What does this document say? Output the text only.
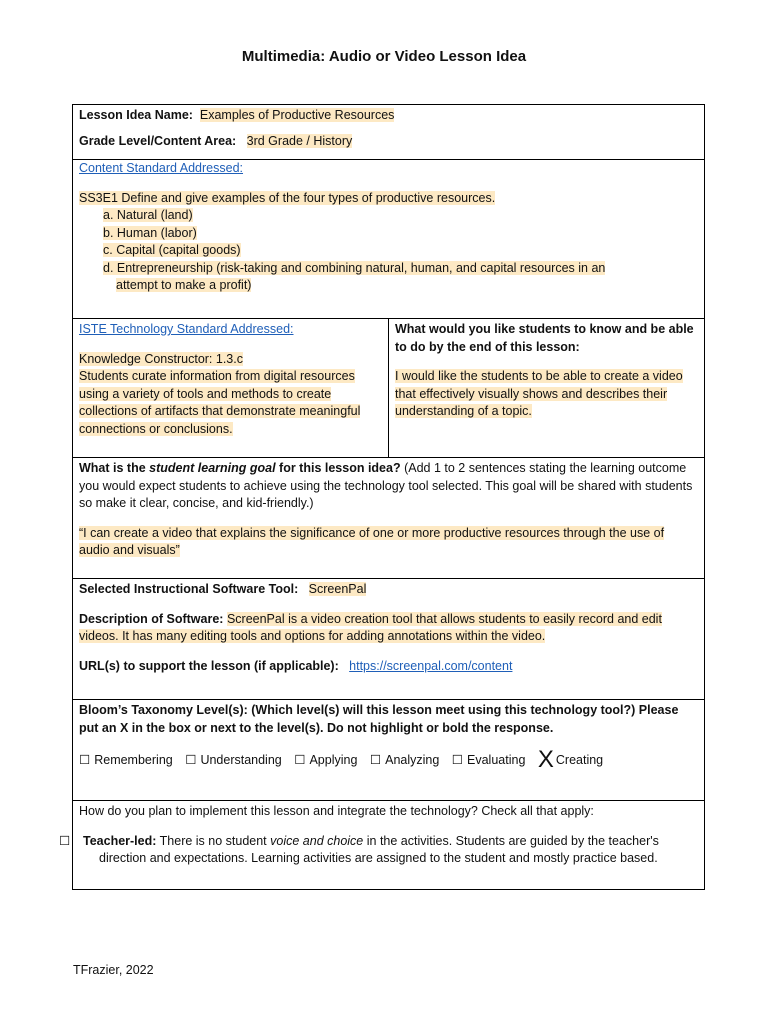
Multimedia: Audio or Video Lesson Idea

Lesson Idea Name: Examples of Productive Resources

Grade Level/Content Area: 3rd Grade / History

Content Standard Addressed:

SS3E1 Define and give examples of the four types of productive resources.

a. Natural (land)
b. Human (labor)
c. Capital (capital goods)
d. Entrepreneurship (risk-taking and combining natural, human, and capital resources in an
attempt to make a profit)

ISTE Technology Standard Addressed:

Knowledge Constructor: 1.3.c

Students curate information from digital resources using a variety of tools and methods to create collections of artifacts that demonstrate meaningful connections or conclusions.

What would you like students to know and be able to do by the end of this lesson:

I would like the students to be able to create a video that effectively visually shows and describes their understanding of a topic.

What is the student learning goal for this lesson idea? (Add 1 to 2 sentences stating the learning outcome you would expect students to achieve using the technology tool selected. This goal will be shared with students so make it clear, concise, and kid-friendly.)

“I can create a video that explains the significance of one or more productive resources through the use of audio and visuals”

Selected Instructional Software Tool: ScreenPal

Description of Software: ScreenPal is a video creation tool that allows students to easily record and edit videos. It has many editing tools and options for adding annotations within the video.

URL(s) to support the lesson (if applicable): https://screenpal.com/content

Bloom’s Taxonomy Level(s): (Which level(s) will this lesson meet using this technology tool?) Please put an X in the box or next to the level(s). Do not highlight or bold the response.

☐ Remembering ☐ Understanding ☐ Applying ☐ Analyzing ☐ Evaluating X Creating

How do you plan to implement this lesson and integrate the technology? Check all that apply:

☐ Teacher-led: There is no student voice and choice in the activities. Students are guided by the teacher's direction and expectations. Learning activities are assigned to the student and mostly practice based.

TFrazier, 2022
